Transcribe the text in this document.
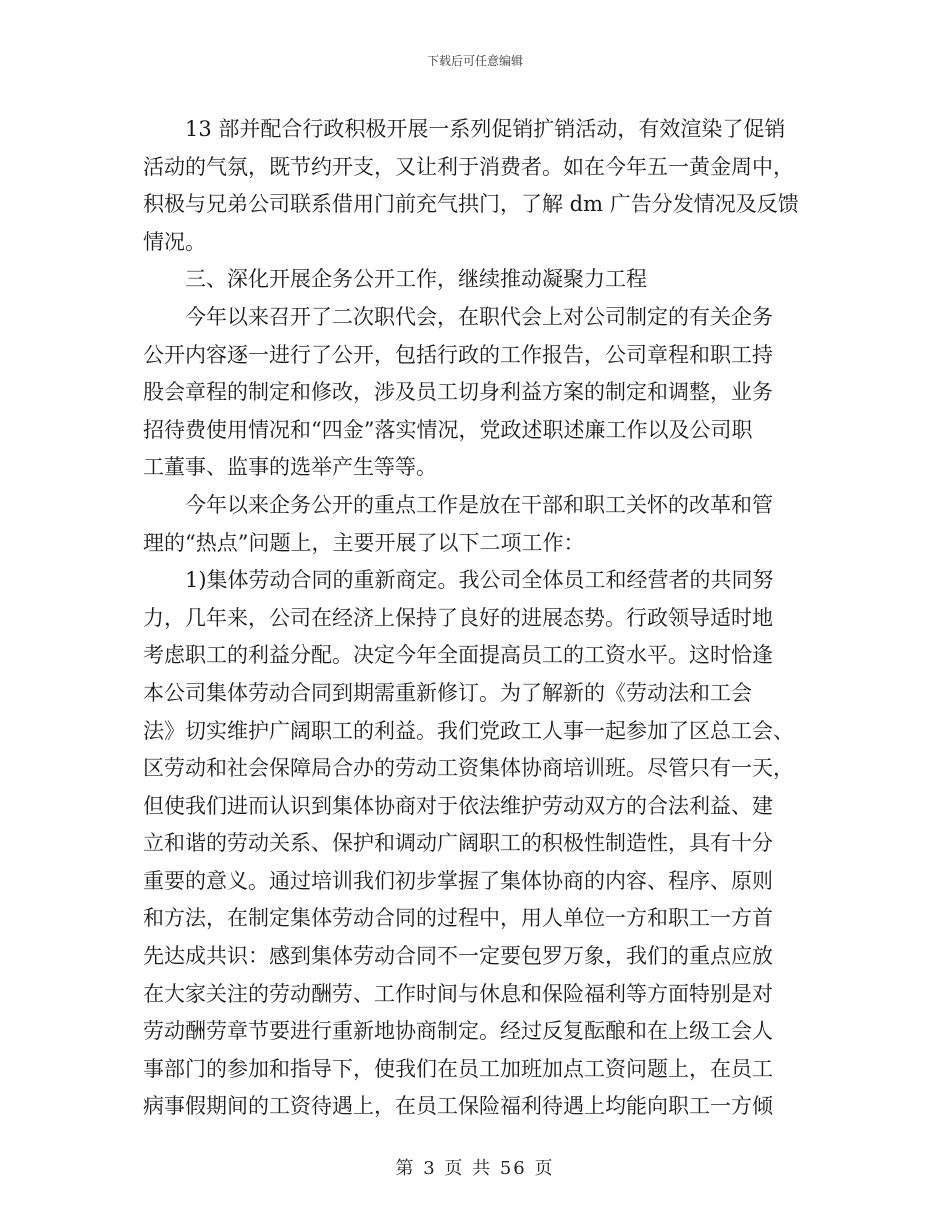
下载后可任意编辑
13 部并配合行政积极开展一系列促销扩销活动，有效渲染了促销
活动的气氛，既节约开支，又让利于消费者。如在今年五一黄金周中，
积极与兄弟公司联系借用门前充气拱门，了解 dm 广告分发情况及反馈
情况。
三、深化开展企务公开工作，继续推动凝聚力工程
今年以来召开了二次职代会，在职代会上对公司制定的有关企务
公开内容逐一进行了公开，包括行政的工作报告，公司章程和职工持
股会章程的制定和修改，涉及员工切身利益方案的制定和调整，业务
招待费使用情况和“四金”落实情况，党政述职述廉工作以及公司职
工董事、监事的选举产生等等。
今年以来企务公开的重点工作是放在干部和职工关怀的改革和管
理的“热点”问题上，主要开展了以下二项工作：
1)集体劳动合同的重新商定。我公司全体员工和经营者的共同努
力，几年来，公司在经济上保持了良好的进展态势。行政领导适时地
考虑职工的利益分配。决定今年全面提高员工的工资水平。这时恰逢
本公司集体劳动合同到期需重新修订。为了解新的《劳动法和工会
法》切实维护广阔职工的利益。我们党政工人事一起参加了区总工会、
区劳动和社会保障局合办的劳动工资集体协商培训班。尽管只有一天，
但使我们进而认识到集体协商对于依法维护劳动双方的合法利益、建
立和谐的劳动关系、保护和调动广阔职工的积极性制造性，具有十分
重要的意义。通过培训我们初步掌握了集体协商的内容、程序、原则
和方法，在制定集体劳动合同的过程中，用人单位一方和职工一方首
先达成共识：感到集体劳动合同不一定要包罗万象，我们的重点应放
在大家关注的劳动酬劳、工作时间与休息和保险福利等方面特别是对
劳动酬劳章节要进行重新地协商制定。经过反复酝酿和在上级工会人
事部门的参加和指导下，使我们在员工加班加点工资问题上，在员工
病事假期间的工资待遇上，在员工保险福利待遇上均能向职工一方倾
第 3 页 共 56 页
